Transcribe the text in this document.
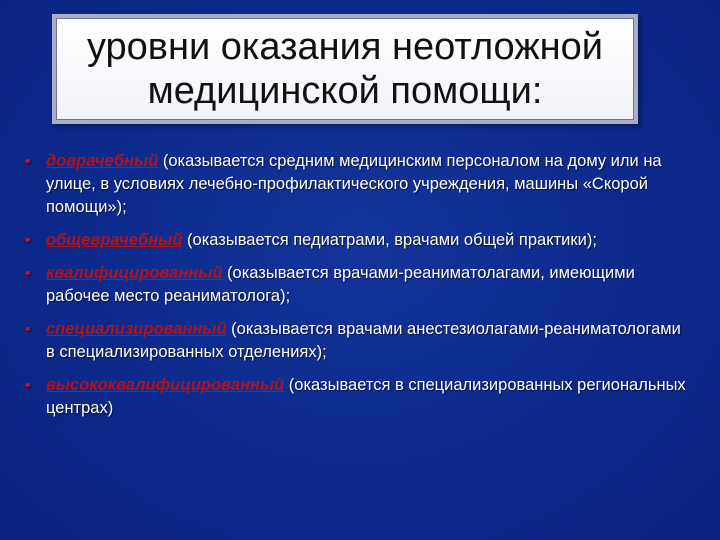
уровни оказания неотложной
медицинской помощи:
• доврачебный (оказывается средним медицинским персоналом на дому или на улице, в условиях лечебно-профилактического учреждения, машины «Скорой помощи»);
• общеврачебный (оказывается педиатрами, врачами общей практики);
• квалифицированный (оказывается врачами-реаниматолагами, имеющими рабочее место реаниматолога);
• специализированный (оказывается врачами анестезиолагами-реаниматологами в специализированных отделениях);
• высококвалифицированный (оказывается в специализированных региональных центрах)
